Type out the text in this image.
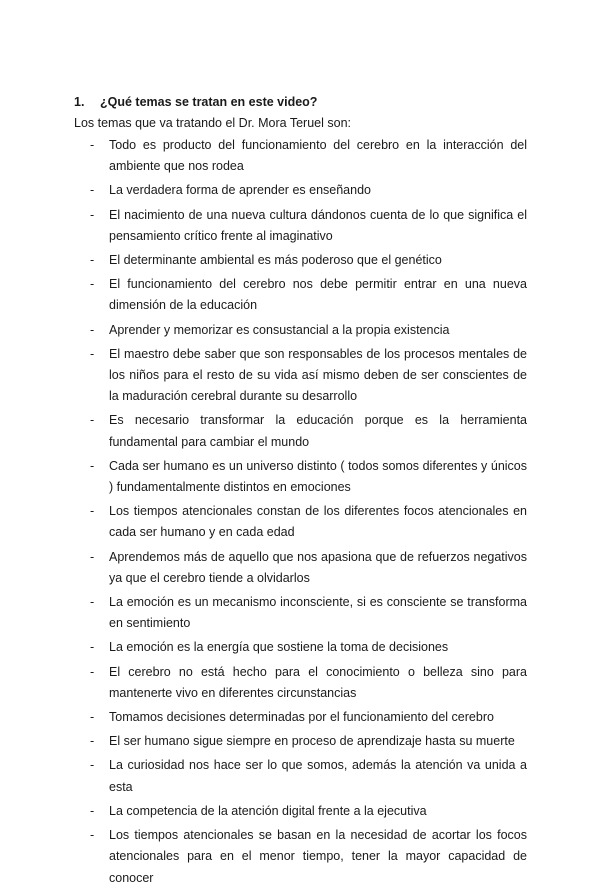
1. ¿Qué temas se tratan en este video?
Los temas que va tratando el Dr. Mora Teruel son:
- Todo es producto del funcionamiento del cerebro en la interacción del ambiente que nos rodea
- La verdadera forma de aprender es enseñando
- El nacimiento de una nueva cultura dándonos cuenta de lo que significa el pensamiento crítico frente al imaginativo
- El determinante ambiental es más poderoso que el genético
- El funcionamiento del cerebro nos debe permitir entrar en una nueva dimensión de la educación
- Aprender y memorizar es consustancial a la propia existencia
- El maestro debe saber que son responsables de los procesos mentales de los niños para el resto de su vida así mismo deben de ser conscientes de la maduración cerebral durante su desarrollo
- Es necesario transformar la educación porque es la herramienta fundamental para cambiar el mundo
- Cada ser humano es un universo distinto ( todos somos diferentes y únicos ) fundamentalmente distintos en emociones
- Los tiempos atencionales constan de los diferentes focos atencionales en cada ser humano y en cada edad
- Aprendemos más de aquello que nos apasiona que de refuerzos negativos ya que el cerebro tiende a olvidarlos
- La emoción es un mecanismo inconsciente, si es consciente se transforma en sentimiento
- La emoción es la energía que sostiene la toma de decisiones
- El cerebro no está hecho para el conocimiento o belleza sino para mantenerte vivo en diferentes circunstancias
- Tomamos decisiones determinadas por el funcionamiento del cerebro
- El ser humano sigue siempre en proceso de aprendizaje hasta su muerte
- La curiosidad nos hace ser lo que somos, además la atención va unida a esta
- La competencia de la atención digital frente a la ejecutiva
- Los tiempos atencionales se basan en la necesidad de acortar los focos atencionales para en el menor tiempo, tener la mayor capacidad de conocer
